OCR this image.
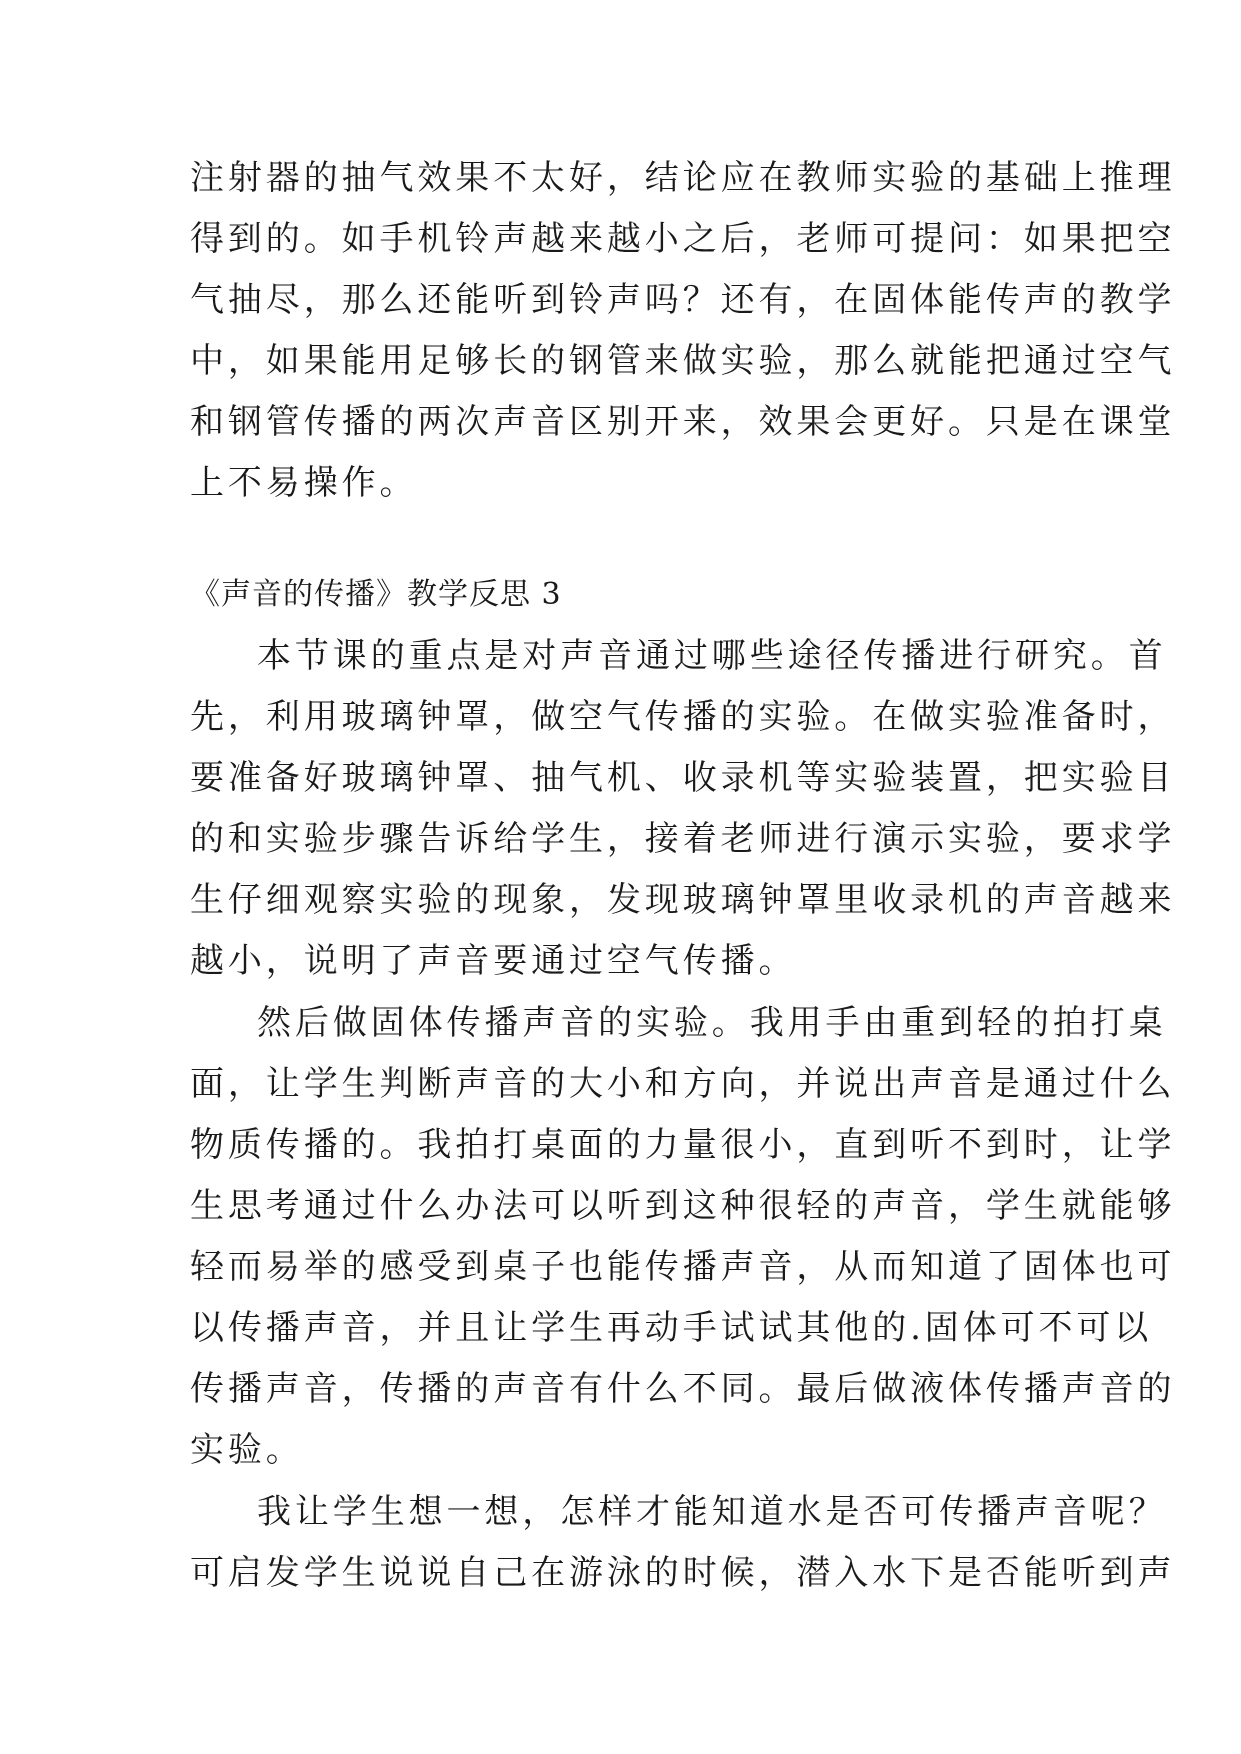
注射器的抽气效果不太好，结论应在教师实验的基础上推理
得到的。如手机铃声越来越小之后，老师可提问：如果把空
气抽尽，那么还能听到铃声吗？还有，在固体能传声的教学
中，如果能用足够长的钢管来做实验，那么就能把通过空气
和钢管传播的两次声音区别开来，效果会更好。只是在课堂
上不易操作。
《声音的传播》教学反思 3
本节课的重点是对声音通过哪些途径传播进行研究。首
先，利用玻璃钟罩，做空气传播的实验。在做实验准备时，
要准备好玻璃钟罩、抽气机、收录机等实验装置，把实验目
的和实验步骤告诉给学生，接着老师进行演示实验，要求学
生仔细观察实验的现象，发现玻璃钟罩里收录机的声音越来
越小，说明了声音要通过空气传播。
然后做固体传播声音的实验。我用手由重到轻的拍打桌
面，让学生判断声音的大小和方向，并说出声音是通过什么
物质传播的。我拍打桌面的力量很小，直到听不到时，让学
生思考通过什么办法可以听到这种很轻的声音，学生就能够
轻而易举的感受到桌子也能传播声音，从而知道了固体也可
以传播声音，并且让学生再动手试试其他的.固体可不可以
传播声音，传播的声音有什么不同。最后做液体传播声音的
实验。
我让学生想一想，怎样才能知道水是否可传播声音呢？
可启发学生说说自己在游泳的时候，潜入水下是否能听到声
